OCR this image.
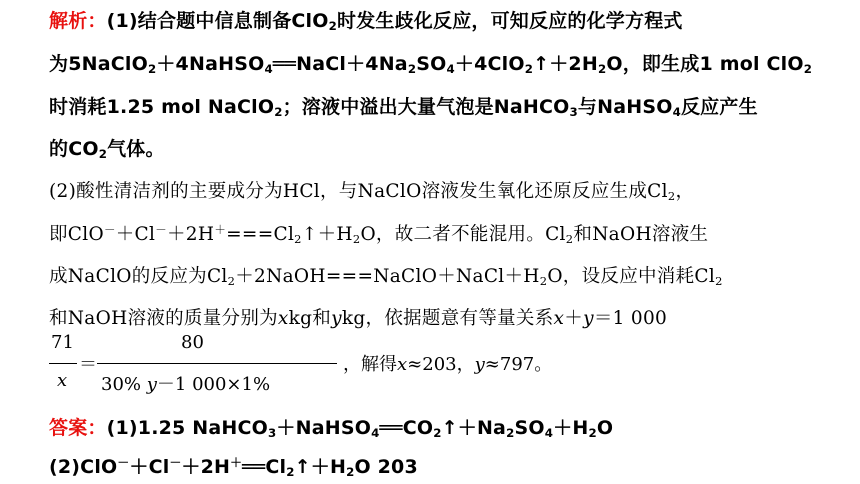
解析：(1)结合题中信息制备ClO$_2$时发生歧化反应，可知反应的化学方程式
为$5NaClO_2+4NaHSO_4══NaCl+4Na_2SO_4+4ClO_2↑+2H_2O$，即生成1 mol ClO$_2$
时消耗1.25 mol NaClO$_2$；溶液中溢出大量气泡是NaHCO$_3$与NaHSO$_4$反应产生
的$CO_2$气体。
(2)酸性清洁剂的主要成分为HCl，与NaClO溶液发生氧化还原反应生成$Cl_2$，
即$ClO^-+Cl^-+2H^+===Cl_2↑+H_2O$，故二者不能混用。$Cl_2$和NaOH溶液生
成NaClO的反应为$Cl_2+2NaOH===NaClO+NaCl+H_2O$，设反应中消耗$Cl_2$
和NaOH溶液的质量分别为xkg和ykg，依据题意有等量关系x＋y＝1 000
71
x
＝
80
30% y－1 000×1%
，解得x≈203，y≈797。
答案：(1)1.25 $NaHCO_3+NaHSO_4══CO_2↑+Na_2SO_4+H_2O$
$(2)ClO^-+Cl^-+2H^+══Cl_2↑+H_2O$ 203
